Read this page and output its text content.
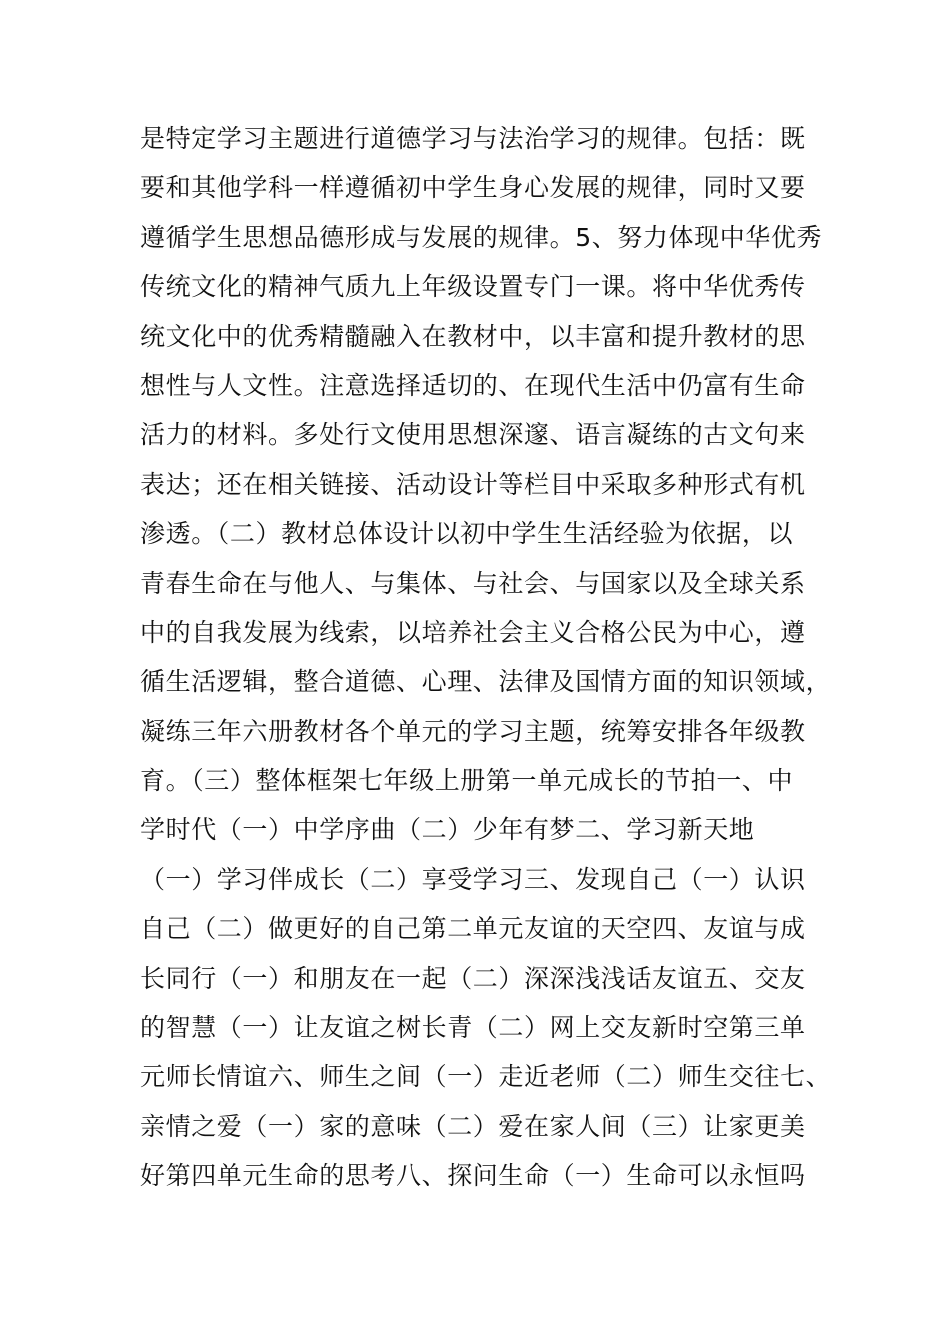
是特定学习主题进行道德学习与法治学习的规律。包括：既
要和其他学科一样遵循初中学生身心发展的规律，同时又要
遵循学生思想品德形成与发展的规律。5、努力体现中华优秀
传统文化的精神气质九上年级设置专门一课。将中华优秀传
统文化中的优秀精髓融入在教材中，以丰富和提升教材的思
想性与人文性。注意选择适切的、在现代生活中仍富有生命
活力的材料。多处行文使用思想深邃、语言凝练的古文句来
表达；还在相关链接、活动设计等栏目中采取多种形式有机
渗透。（二）教材总体设计以初中学生生活经验为依据，以
青春生命在与他人、与集体、与社会、与国家以及全球关系
中的自我发展为线索，以培养社会主义合格公民为中心，遵
循生活逻辑，整合道德、心理、法律及国情方面的知识领域，
凝练三年六册教材各个单元的学习主题，统筹安排各年级教
育。（三）整体框架七年级上册第一单元成长的节拍一、中
学时代（一）中学序曲（二）少年有梦二、学习新天地
（一）学习伴成长（二）享受学习三、发现自己（一）认识
自己（二）做更好的自己第二单元友谊的天空四、友谊与成
长同行（一）和朋友在一起（二）深深浅浅话友谊五、交友
的智慧（一）让友谊之树长青（二）网上交友新时空第三单
元师长情谊六、师生之间（一）走近老师（二）师生交往七、
亲情之爱（一）家的意味（二）爱在家人间（三）让家更美
好第四单元生命的思考八、探问生命（一）生命可以永恒吗
